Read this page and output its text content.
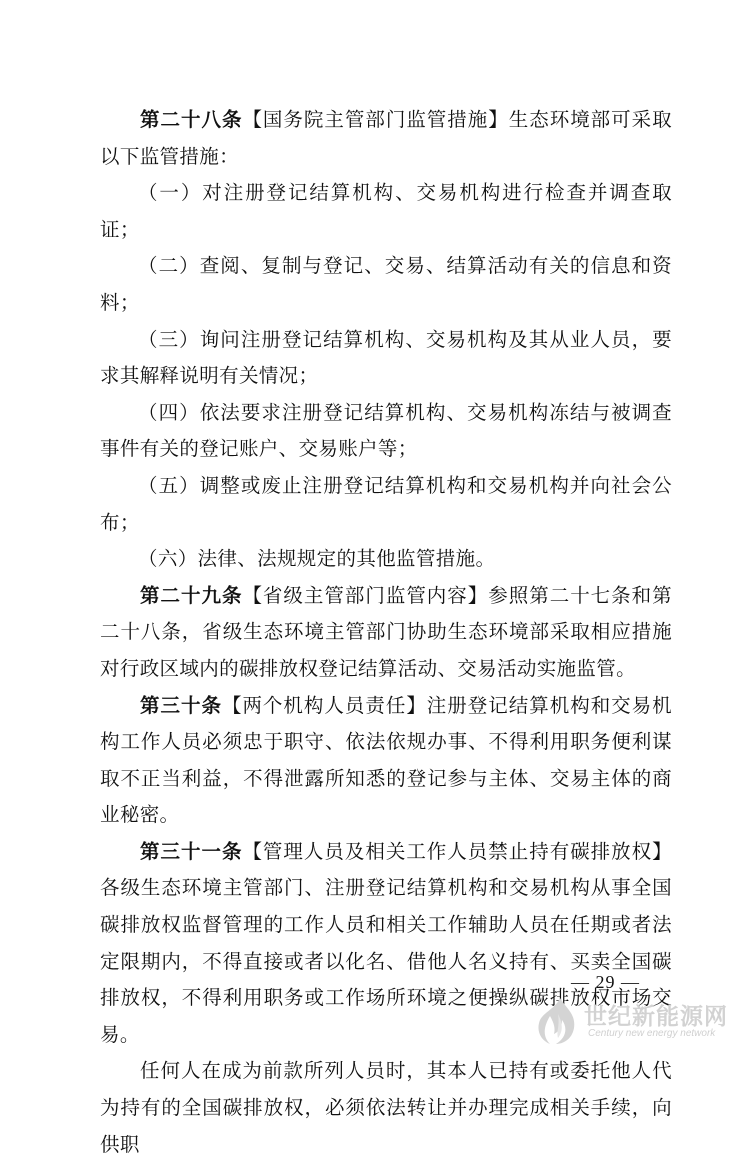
第二十八条【国务院主管部门监管措施】生态环境部可采取以下监管措施：

（一）对注册登记结算机构、交易机构进行检查并调查取证；

（二）查阅、复制与登记、交易、结算活动有关的信息和资料；

（三）询问注册登记结算机构、交易机构及其从业人员，要求其解释说明有关情况；

（四）依法要求注册登记结算机构、交易机构冻结与被调查事件有关的登记账户、交易账户等；

（五）调整或废止注册登记结算机构和交易机构并向社会公布；

（六）法律、法规规定的其他监管措施。

第二十九条【省级主管部门监管内容】参照第二十七条和第二十八条，省级生态环境主管部门协助生态环境部采取相应措施对行政区域内的碳排放权登记结算活动、交易活动实施监管。

第三十条【两个机构人员责任】注册登记结算机构和交易机构工作人员必须忠于职守、依法依规办事、不得利用职务便利谋取不正当利益，不得泄露所知悉的登记参与主体、交易主体的商业秘密。

第三十一条【管理人员及相关工作人员禁止持有碳排放权】各级生态环境主管部门、注册登记结算机构和交易机构从事全国碳排放权监督管理的工作人员和相关工作辅助人员在任期或者法定限期内，不得直接或者以化名、借他人名义持有、买卖全国碳排放权，不得利用职务或工作场所环境之便操纵碳排放权市场交易。

任何人在成为前款所列人员时，其本人已持有或委托他人代为持有的全国碳排放权，必须依法转让并办理完成相关手续，向供职

— 29 —
世纪新能源网
Century new energy network
